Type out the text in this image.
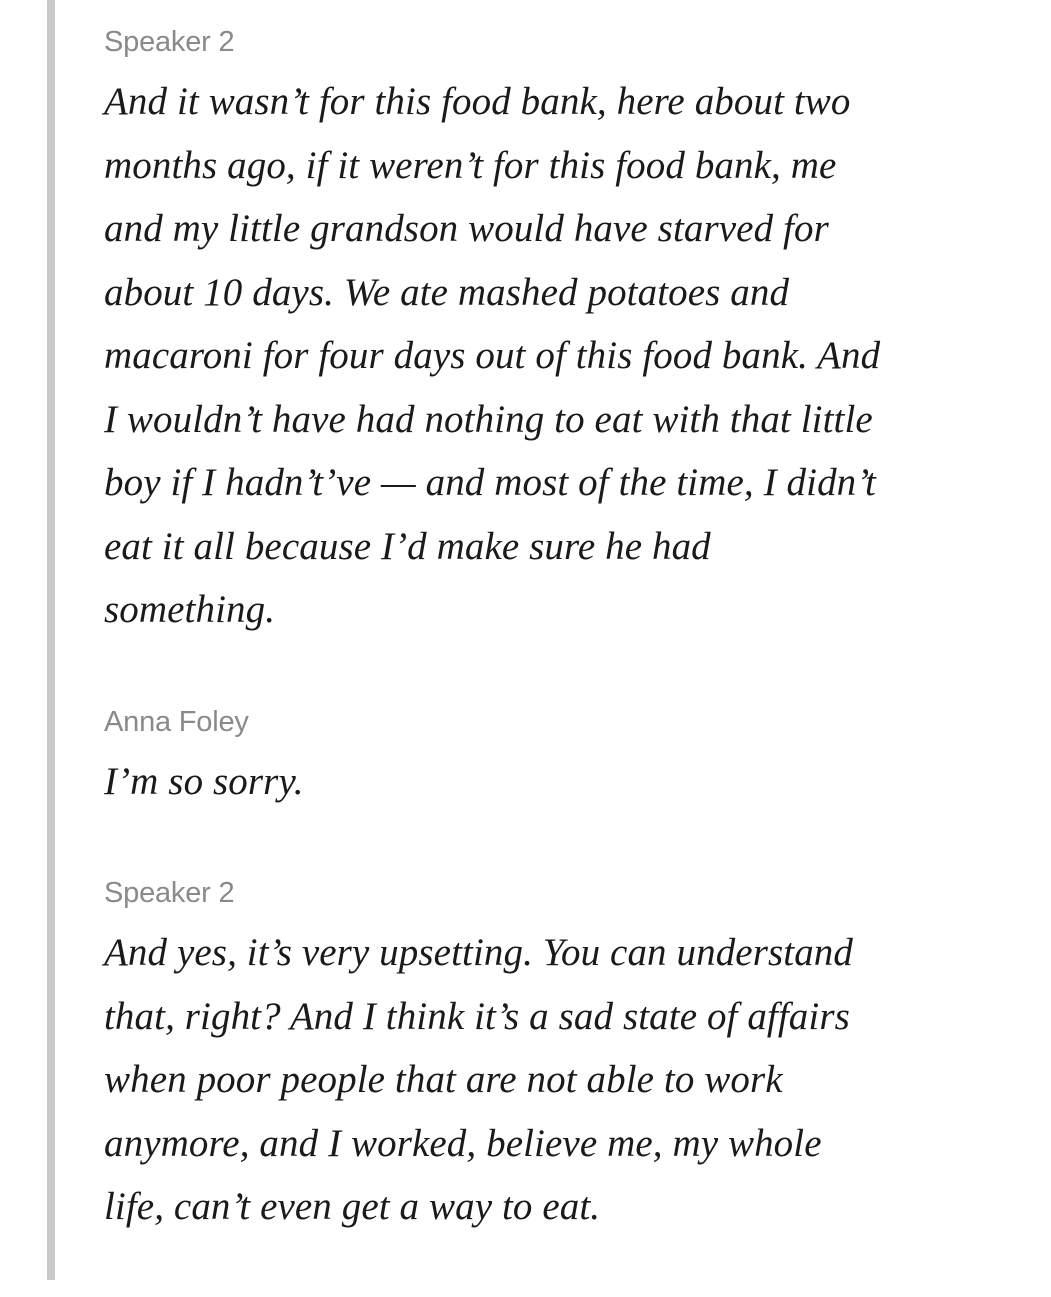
Speaker 2

And it wasn’t for this food bank, here about two
months ago, if it weren’t for this food bank, me
and my little grandson would have starved for
about 10 days. We ate mashed potatoes and
macaroni for four days out of this food bank. And
I wouldn’t have had nothing to eat with that little
boy if I hadn’t’ve — and most of the time, I didn’t
eat it all because I’d make sure he had
something.

Anna Foley

I’m so sorry.

Speaker 2

And yes, it’s very upsetting. You can understand
that, right? And I think it’s a sad state of affairs
when poor people that are not able to work
anymore, and I worked, believe me, my whole
life, can’t even get a way to eat.
